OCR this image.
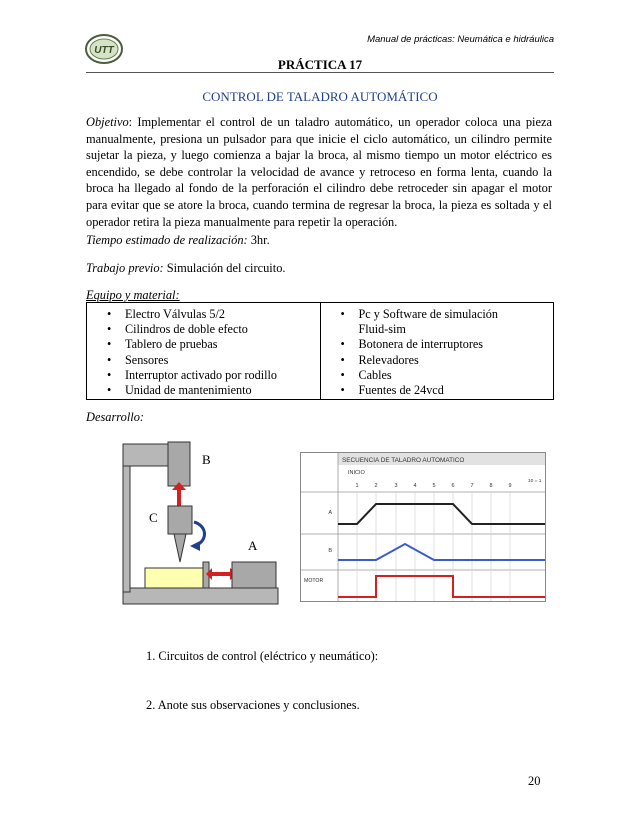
UTT
Manual de prácticas: Neumática e hidráulica
PRÁCTICA 17
CONTROL DE TALADRO AUTOMÁTICO
Objetivo: Implementar el control de un taladro automático, un operador coloca una pieza manualmente, presiona un pulsador para que inicie el ciclo automático, un cilindro permite sujetar la pieza, y luego comienza a bajar la broca, al mismo tiempo un motor eléctrico es encendido, se debe controlar la velocidad de avance y retroceso en forma lenta, cuando la broca ha llegado al fondo de la perforación el cilindro debe retroceder sin apagar el motor para evitar que se atore la broca, cuando termina de regresar la broca, la pieza es soltada y el operador retira la pieza manualmente para repetir la operación.
Tiempo estimado de realización: 3hr.
Trabajo previo: Simulación del circuito.
Equipo y material:
• Electro Válvulas 5/2
• Cilindros de doble efecto
• Tablero de pruebas
• Sensores
• Interruptor activado por rodillo
• Unidad de mantenimiento
• Pc y Software de simulación Fluid-sim
• Botonera de interruptores
• Relevadores
• Cables
• Fuentes de 24vcd
Desarrollo:
B
C
A
SECUENCIA DE TALADRO AUTOMATICO
INICIO
1	2	3	4	5	6	7	8	9
10 = 1
A
B
MOTOR
1. Circuitos de control (eléctrico y neumático):
2. Anote sus observaciones y conclusiones.
20
